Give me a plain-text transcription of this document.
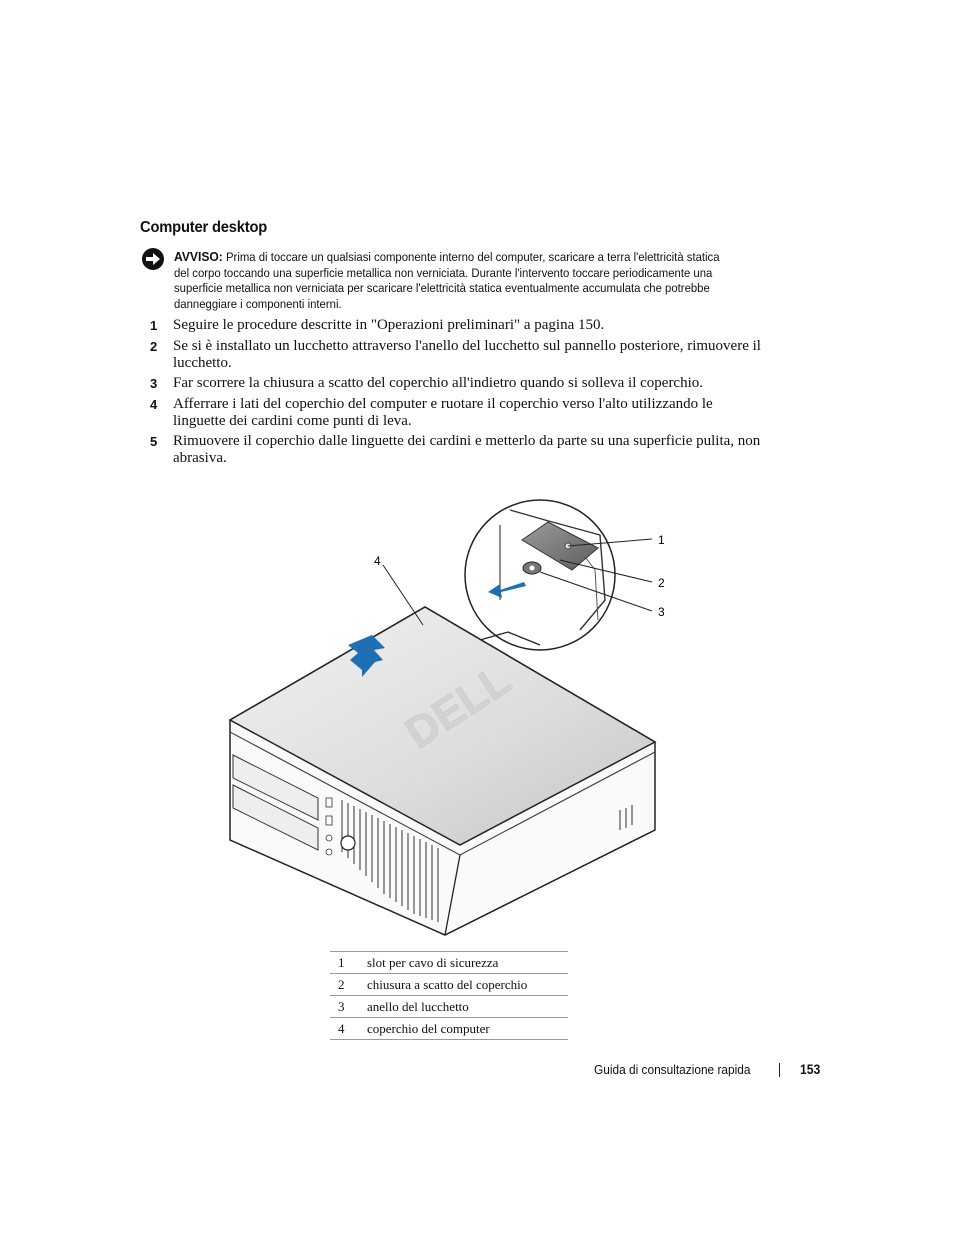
Computer desktop
AVVISO: Prima di toccare un qualsiasi componente interno del computer, scaricare a terra l'elettricità statica del corpo toccando una superficie metallica non verniciata. Durante l'intervento toccare periodicamente una superficie metallica non verniciata per scaricare l'elettricità statica eventualmente accumulata che potrebbe danneggiare i componenti interni.
1 Seguire le procedure descritte in "Operazioni preliminari" a pagina 150.
2 Se si è installato un lucchetto attraverso l'anello del lucchetto sul pannello posteriore, rimuovere il lucchetto.
3 Far scorrere la chiusura a scatto del coperchio all'indietro quando si solleva il coperchio.
4 Afferrare i lati del coperchio del computer e ruotare il coperchio verso l'alto utilizzando le linguette dei cardini come punti di leva.
5 Rimuovere il coperchio dalle linguette dei cardini e metterlo da parte su una superficie pulita, non abrasiva.
DELL
4
1
2
3
1	slot per cavo di sicurezza
2	chiusura a scatto del coperchio
3	anello del lucchetto
4	coperchio del computer
Guida di consultazione rapida	153
